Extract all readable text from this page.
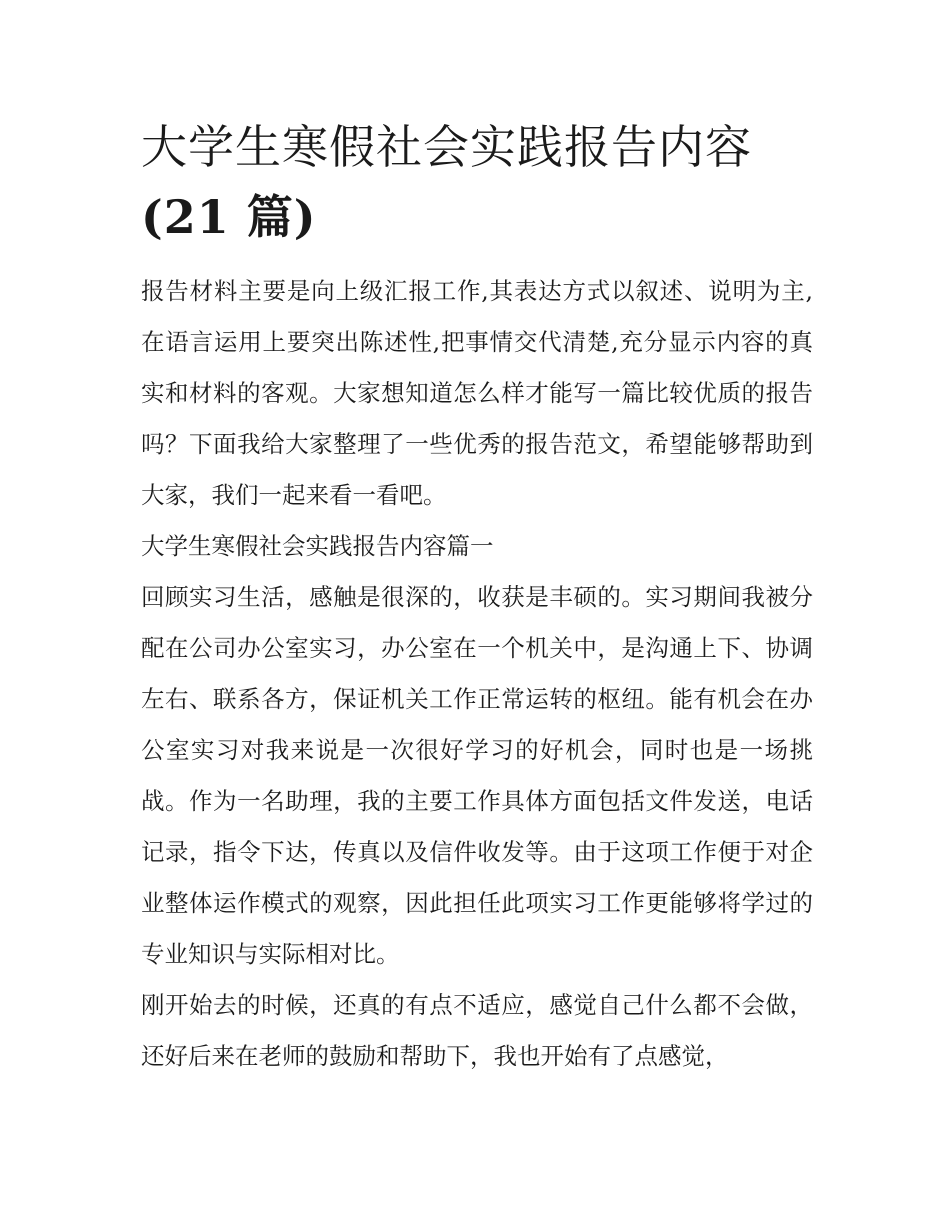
大学生寒假社会实践报告内容
(21 篇)

报告材料主要是向上级汇报工作,其表达方式以叙述、说明为主,在语言运用上要突出陈述性,把事情交代清楚,充分显示内容的真实和材料的客观。大家想知道怎么样才能写一篇比较优质的报告吗？下面我给大家整理了一些优秀的报告范文，希望能够帮助到大家，我们一起来看一看吧。

大学生寒假社会实践报告内容篇一

回顾实习生活，感触是很深的，收获是丰硕的。实习期间我被分配在公司办公室实习，办公室在一个机关中，是沟通上下、协调左右、联系各方，保证机关工作正常运转的枢纽。能有机会在办公室实习对我来说是一次很好学习的好机会，同时也是一场挑战。作为一名助理，我的主要工作具体方面包括文件发送，电话记录，指令下达，传真以及信件收发等。由于这项工作便于对企业整体运作模式的观察，因此担任此项实习工作更能够将学过的专业知识与实际相对比。

刚开始去的时候，还真的有点不适应，感觉自己什么都不会做，还好后来在老师的鼓励和帮助下，我也开始有了点感觉，
